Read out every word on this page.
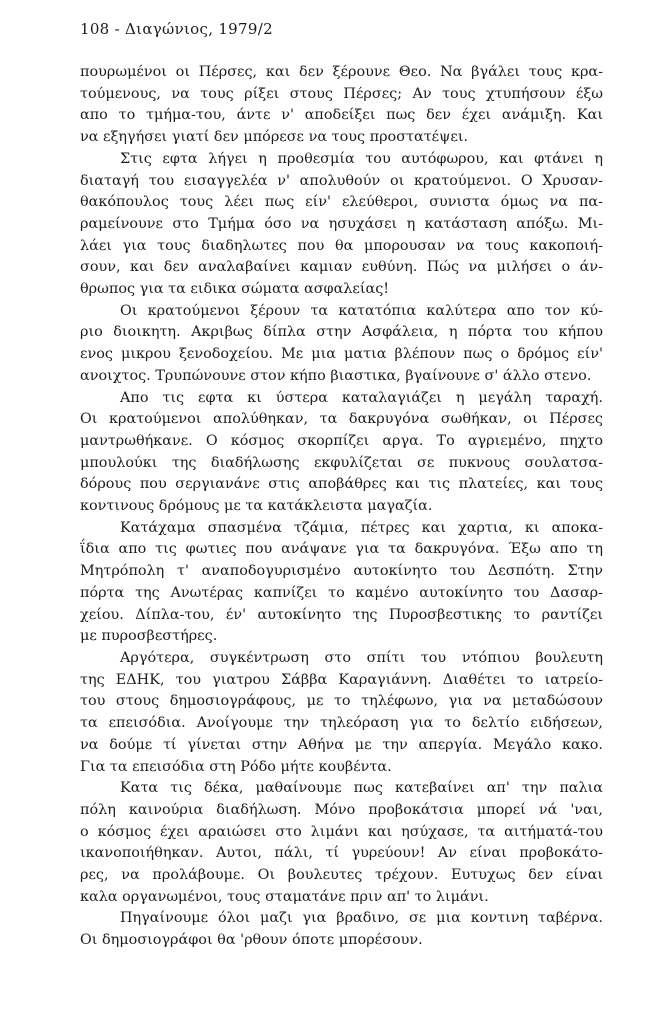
108 - Διαγώνιος, 1979/2

πουρωμένοι οι Πέρσες, και δεν ξέρουνε Θεο. Να βγάλει τους κρα-
τούμενους, να τους ρίξει στους Πέρσες; Αν τους χτυπήσουν έξω
απο το τμήμα-του, άντε ν' αποδείξει πως δεν έχει ανάμιξη. Και
να εξηγήσει γιατί δεν μπόρεσε να τους προστατέψει.

Στις εφτα λήγει η προθεσμία του αυτόφωρου, και φτάνει η
διαταγή του εισαγγελέα ν' απολυθούν οι κρατούμενοι. Ο Χρυσαν-
θακόπουλος τους λέει πως είν' ελεύθεροι, συνιστα όμως να πα-
ραμείνουνε στο Τμήμα όσο να ησυχάσει η κατάσταση απόξω. Μι-
λάει για τους διαδηλωτες που θα μπορουσαν να τους κακοποιή-
σουν, και δεν αναλαβαίνει καμιαν ευθύνη. Πώς να μιλήσει ο άν-
θρωπος για τα ειδικα σώματα ασφαλείας!

Οι κρατούμενοι ξέρουν τα κατατόπια καλύτερα απο τον κύ-
ριο διοικητη. Ακριβως δίπλα στην Ασφάλεια, η πόρτα του κήπου
ενος μικρου ξενοδοχείου. Με μια ματια βλέπουν πως ο δρόμος είν'
ανοιχτος. Τρυπώνουνε στον κήπο βιαστικα, βγαίνουνε σ' άλλο στενο.

Απο τις εφτα κι ύστερα καταλαγιάζει η μεγάλη ταραχή.
Οι κρατούμενοι απολύθηκαν, τα δακρυγόνα σωθήκαν, οι Πέρσες
μαντρωθήκανε. Ο κόσμος σκορπίζει αργα. Το αγριεμένο, πηχτο
μπουλούκι της διαδήλωσης εκφυλίζεται σε πυκνους σουλατσα-
δόρους που σεργιανάνε στις αποβάθρες και τις πλατείες, και τους
κοντινους δρόμους με τα κατάκλειστα μαγαζία.

Κατάχαμα σπασμένα τζάμια, πέτρες και χαρτια, κι αποκα-
ΐδια απο τις φωτιες που ανάψανε για τα δακρυγόνα. Έξω απο τη
Μητρόπολη τ' αναποδογυρισμένο αυτοκίνητο του Δεσπότη. Στην
πόρτα της Ανωτέρας καπνίζει το καμένο αυτοκίνητο του Δασαρ-
χείου. Δίπλα-του, έν' αυτοκίνητο της Πυροσβεστικης το ραντίζει
με πυροσβεστήρες.

Αργότερα, συγκέντρωση στο σπίτι του ντόπιου βουλευτη
της ΕΔΗΚ, του γιατρου Σάββα Καραγιάννη. Διαθέτει το ιατρείο-
του στους δημοσιογράφους, με το τηλέφωνο, για να μεταδώσουν
τα επεισόδια. Ανοίγουμε την τηλεόραση για το δελτίο ειδήσεων,
να δούμε τί γίνεται στην Αθήνα με την απεργία. Μεγάλο κακο.
Για τα επεισόδια στη Ρόδο μήτε κουβέντα.

Κατα τις δέκα, μαθαίνουμε πως κατεβαίνει απ' την παλια
πόλη καινούρια διαδήλωση. Μόνο προβοκάτσια μπορεί νά 'ναι,
ο κόσμος έχει αραιώσει στο λιμάνι και ησύχασε, τα αιτήματά-του
ικανοποιήθηκαν. Αυτοι, πάλι, τί γυρεύουν! Αν είναι προβοκάτο-
ρες, να προλάβουμε. Οι βουλευτες τρέχουν. Ευτυχως δεν είναι
καλα οργανωμένοι, τους σταματάνε πριν απ' το λιμάνι.

Πηγαίνουμε όλοι μαζι για βραδινο, σε μια κοντινη ταβέρνα.
Οι δημοσιογράφοι θα 'ρθουν όποτε μπορέσουν.
